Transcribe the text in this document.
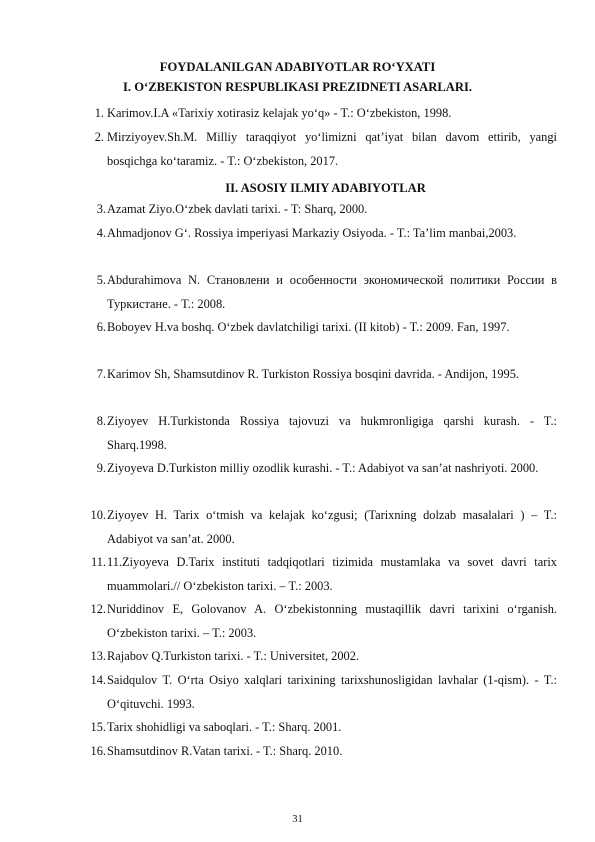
FOYDALANILGAN ADABIYOTLAR RO‘YXATI
I. O‘ZBEKISTON RESPUBLIKASI PREZIDNETI ASARLARI.
1. Karimov.I.A «Tarixiy xotirasiz kelajak yo‘q» - T.: O‘zbekiston, 1998.
2. Mirziyoyev.Sh.M. Milliy taraqqiyot yo‘limizni qat’iyat bilan davom ettirib, yangi bosqichga ko‘taramiz. - T.: O‘zbekiston, 2017.
II. ASOSIY ILMIY ADABIYOTLAR
3. Azamat Ziyo.O‘zbek davlati tarixi. - T: Sharq, 2000.
4. Ahmadjonov G‘. Rossiya imperiyasi Markaziy Osiyoda. - T.: Ta’lim manbai,2003.
5. Abdurahimova N. Становлени и особенности экономической политики России в Туркистане. - T.: 2008.
6. Boboyev H.va boshq. O‘zbek davlatchiligi tarixi. (II kitob) - T.: 2009. Fan, 1997.
7. Karimov Sh, Shamsutdinov R. Turkiston Rossiya bosqini davrida. - Andijon, 1995.
8. Ziyoyev H.Turkistonda Rossiya tajovuzi va hukmronligiga qarshi kurash. - T.: Sharq.1998.
9. Ziyoyeva D.Turkiston milliy ozodlik kurashi. - T.: Adabiyot va san’at nashriyoti. 2000.
10. Ziyoyev H. Tarix o‘tmish va kelajak ko‘zgusi; (Tarixning dolzab masalalari ) – T.: Adabiyot va san’at. 2000.
11. 11.Ziyoyeva D.Tarix instituti tadqiqotlari tizimida mustamlaka va sovet davri tarix muammolari.// O‘zbekiston tarixi. – T.: 2003.
12. Nuriddinov E, Golovanov A. O‘zbekistonning mustaqillik davri tarixini o‘rganish. O‘zbekiston tarixi. – T.: 2003.
13. Rajabov Q.Turkiston tarixi. - T.: Universitet, 2002.
14. Saidqulov T. O‘rta Osiyo xalqlari tarixining tarixshunosligidan lavhalar (1-qism). - T.: O‘qituvchi. 1993.
15. Tarix shohidligi va saboqlari. - T.: Sharq. 2001.
16. Shamsutdinov R.Vatan tarixi. - T.: Sharq. 2010.
31
